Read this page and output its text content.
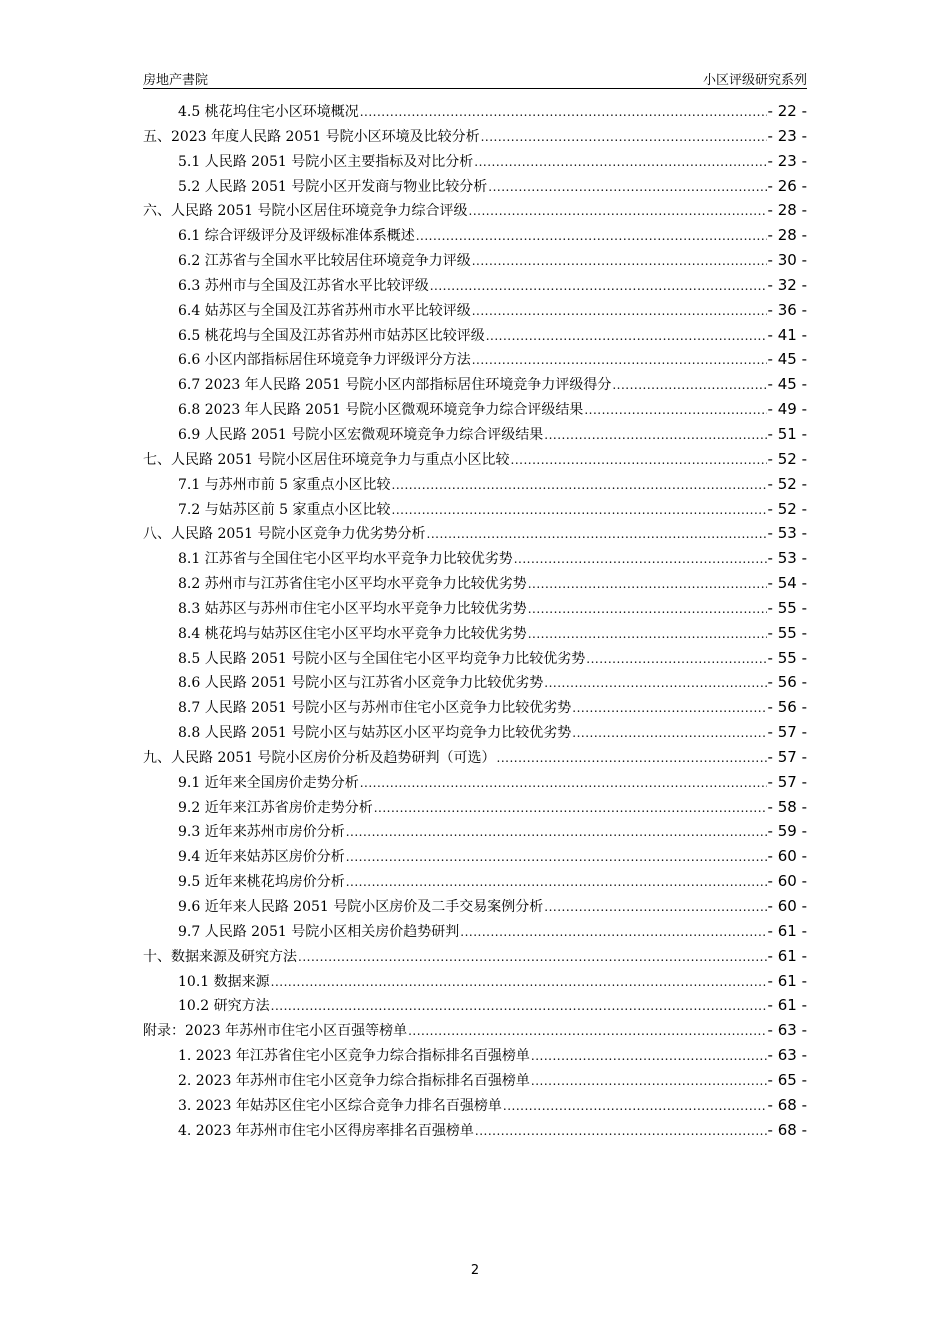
房地产書院	小区评级研究系列
4.5 桃花坞住宅小区环境概况 .....	- 22 -
五、2023 年度人民路 2051 号院小区环境及比较分析 .....	- 23 -
5.1 人民路 2051 号院小区主要指标及对比分析 .....	- 23 -
5.2 人民路 2051 号院小区开发商与物业比较分析 .....	- 26 -
六、人民路 2051 号院小区居住环境竞争力综合评级 .....	- 28 -
6.1 综合评级评分及评级标准体系概述 .....	- 28 -
6.2 江苏省与全国水平比较居住环境竞争力评级 .....	- 30 -
6.3 苏州市与全国及江苏省水平比较评级 .....	- 32 -
6.4 姑苏区与全国及江苏省苏州市水平比较评级 .....	- 36 -
6.5 桃花坞与全国及江苏省苏州市姑苏区比较评级 .....	- 41 -
6.6 小区内部指标居住环境竞争力评级评分方法 .....	- 45 -
6.7 2023 年人民路 2051 号院小区内部指标居住环境竞争力评级得分 .....	- 45 -
6.8 2023 年人民路 2051 号院小区微观环境竞争力综合评级结果 .....	- 49 -
6.9 人民路 2051 号院小区宏微观环境竞争力综合评级结果 .....	- 51 -
七、人民路 2051 号院小区居住环境竞争力与重点小区比较 .....	- 52 -
7.1 与苏州市前 5 家重点小区比较 .....	- 52 -
7.2 与姑苏区前 5 家重点小区比较 .....	- 52 -
八、人民路 2051 号院小区竞争力优劣势分析 .....	- 53 -
8.1 江苏省与全国住宅小区平均水平竞争力比较优劣势 .....	- 53 -
8.2 苏州市与江苏省住宅小区平均水平竞争力比较优劣势 .....	- 54 -
8.3 姑苏区与苏州市住宅小区平均水平竞争力比较优劣势 .....	- 55 -
8.4 桃花坞与姑苏区住宅小区平均水平竞争力比较优劣势 .....	- 55 -
8.5 人民路 2051 号院小区与全国住宅小区平均竞争力比较优劣势 .....	- 55 -
8.6 人民路 2051 号院小区与江苏省小区竞争力比较优劣势 .....	- 56 -
8.7 人民路 2051 号院小区与苏州市住宅小区竞争力比较优劣势 .....	- 56 -
8.8 人民路 2051 号院小区与姑苏区小区平均竞争力比较优劣势 .....	- 57 -
九、人民路 2051 号院小区房价分析及趋势研判（可选） .....	- 57 -
9.1 近年来全国房价走势分析 .....	- 57 -
9.2 近年来江苏省房价走势分析 .....	- 58 -
9.3 近年来苏州市房价分析 .....	- 59 -
9.4 近年来姑苏区房价分析 .....	- 60 -
9.5 近年来桃花坞房价分析 .....	- 60 -
9.6 近年来人民路 2051 号院小区房价及二手交易案例分析 .....	- 60 -
9.7 人民路 2051 号院小区相关房价趋势研判 .....	- 61 -
十、数据来源及研究方法 .....	- 61 -
10.1 数据来源 .....	- 61 -
10.2 研究方法 .....	- 61 -
附录：2023 年苏州市住宅小区百强等榜单 .....	- 63 -
1. 2023 年江苏省住宅小区竞争力综合指标排名百强榜单 .....	- 63 -
2. 2023 年苏州市住宅小区竞争力综合指标排名百强榜单 .....	- 65 -
3. 2023 年姑苏区住宅小区综合竞争力排名百强榜单 .....	- 68 -
4. 2023 年苏州市住宅小区得房率排名百强榜单 .....	- 68 -
2
